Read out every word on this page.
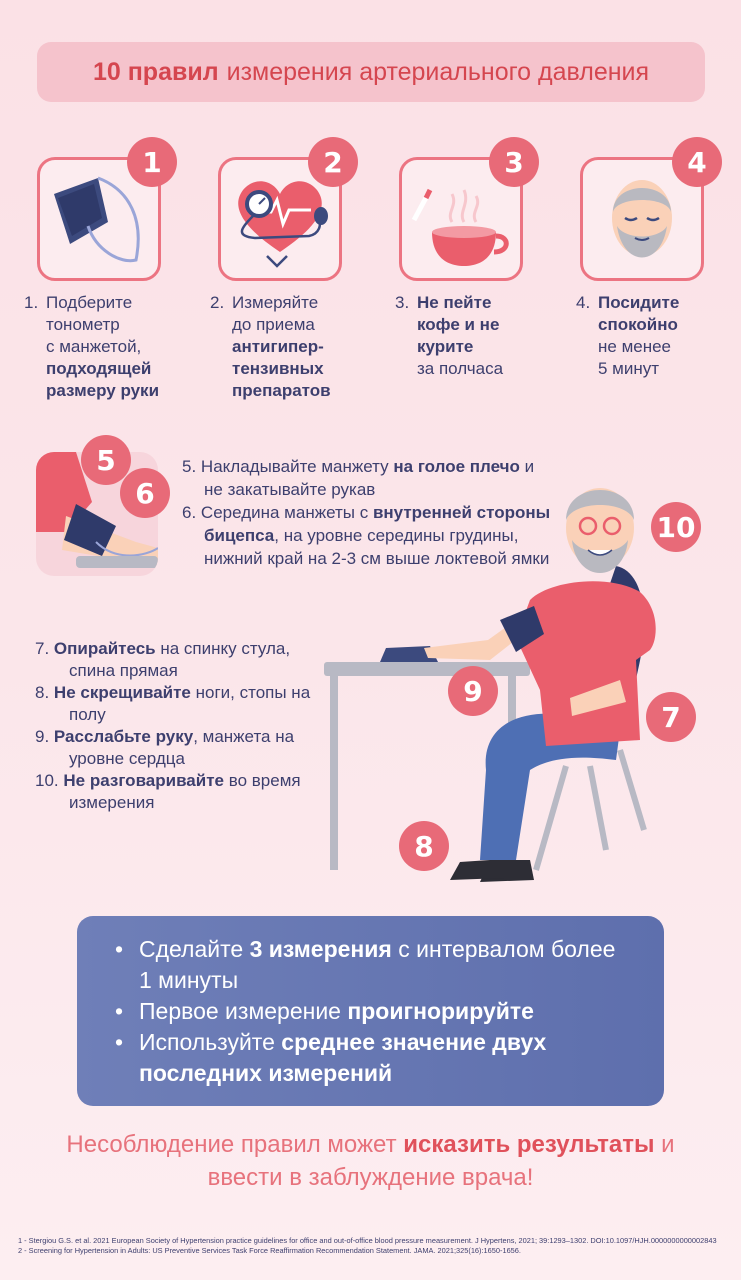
10 правил измерения артериального давления
1	2	3	4
1. Подберите
тонометр
с манжетой,
подходящей
размеру руки
2. Измеряйте
до приема
антигипер-
тензивных
препаратов
3. Не пейте
кофе и не
курите
за полчаса
4. Посидите
спокойно
не менее
5 минут
5
6
5. Накладывайте манжету на голое плечо и не закатывайте рукав
6. Середина манжеты с внутренней стороны бицепса, на уровне середины грудины, нижний край на 2-3 см выше локтевой ямки
10
9
7
8
7. Опирайтесь на спинку стула, спина прямая
8. Не скрещивайте ноги, стопы на полу
9. Расслабьте руку, манжета на уровне сердца
10. Не разговаривайте во время измерения
• Сделайте 3 измерения с интервалом более 1 минуты
• Первое измерение проигнорируйте
• Используйте среднее значение двух последних измерений
Несоблюдение правил может исказить результаты и ввести в заблуждение врача!
1 - Stergiou G.S. et al. 2021 European Society of Hypertension practice guidelines for office and out-of-office blood pressure measurement. J Hypertens, 2021; 39:1293–1302. DOI:10.1097/HJH.0000000000002843
2 - Screening for Hypertension in Adults: US Preventive Services Task Force Reaffirmation Recommendation Statement. JAMA. 2021;325(16):1650-1656.
